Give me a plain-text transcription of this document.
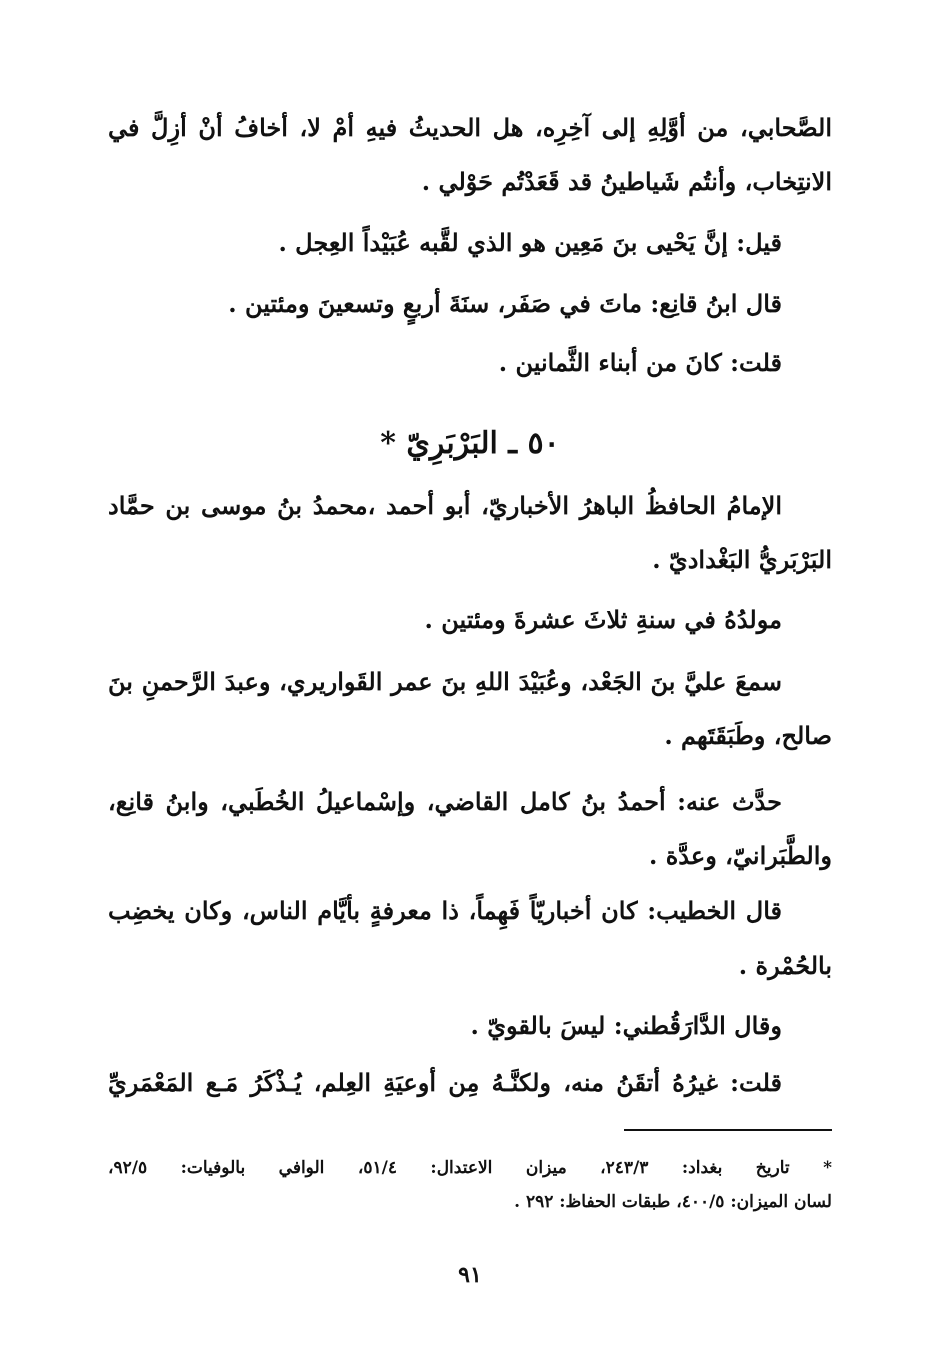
الصَّحابي، من أوَّلِهِ إلى آخِرِه، هل الحديثُ فيهِ أمْ لا، أخافُ أنْ أزِلَّ في
الانتِخاب، وأنتُم شَياطينُ قد قَعَدْتُم حَوْلي .
قيل: إنَّ يَحْيى بنَ مَعِين هو الذي لقَّبه عُبَيْداً العِجل .
قال ابنُ قانِع: ماتَ في صَفَر، سنَةَ أربعٍ وتسعينَ ومئتين .
قلت: كانَ من أبناء الثَّمانين .
٥٠ ـ البَرْبَرِيّ *
الإمامُ الحافظُ الباهرُ الأخباريّ، أبو أحمد ،محمدُ بنُ موسى بن حمَّاد
البَرْبَريُّ البَغْداديّ .
مولدُهُ في سنةِ ثلاثَ عشرةَ ومئتين .
سمعَ عليَّ بنَ الجَعْد، وعُبَيْدَ اللهِ بنَ عمر القَواريري، وعبدَ الرَّحمنِ بنَ
صالح، وطَبَقَتَهم .
حدَّث عنه: أحمدُ بنُ كامل القاضي، وإسْماعيلُ الخُطَبي، وابنُ قانِع،
والطَّبَرانيّ، وعدَّة .
قال الخطيب: كان أخباريّاً فَهِماً، ذا معرفةٍ بأيَّام الناس، وكان يخضِب
بالحُمْرة .
وقال الدَّارَقُطني: ليسَ بالقويّ .
قلت: غيرُهُ أتقَنُ منه، ولكنَّـهُ مِن أوعيَةِ العِلم، يُـذْكَرُ مَـع المَعْمَريِّ
* تاريخ بغداد: ٢٤٣/٣، ميزان الاعتدال: ٥١/٤، الوافي بالوفيات: ٩٢/٥،
لسان الميزان: ٤٠٠/٥، طبقات الحفاظ: ٢٩٢ .
٩١
